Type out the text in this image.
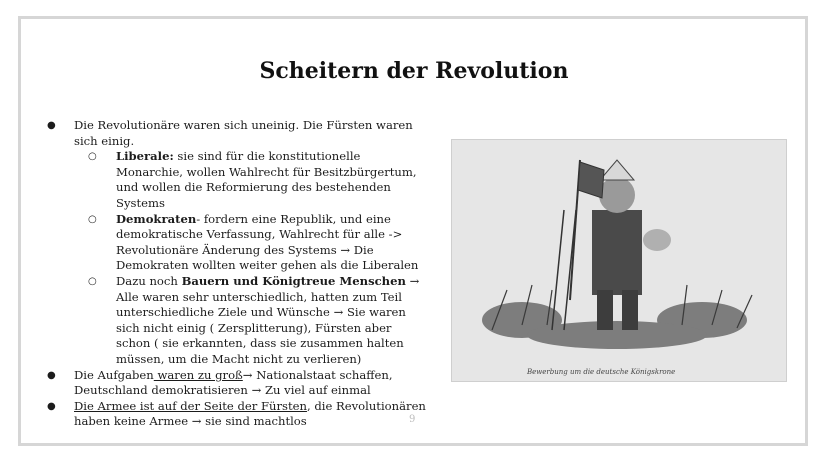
Scheitern der Revolution
● Die Revolutionäre waren sich uneinig. Die Fürsten waren sich einig.
○ Liberale: sie sind für die konstitutionelle Monarchie, wollen Wahlrecht für Besitzbürgertum, und wollen die Reformierung des bestehenden Systems
○ Demokraten- fordern eine Republik, und eine demokratische Verfassung, Wahlrecht für alle -> Revolutionäre Änderung des Systems → Die Demokraten wollten weiter gehen als die Liberalen
○ Dazu noch Bauern und Königtreue Menschen → Alle waren sehr unterschiedlich, hatten zum Teil unterschiedliche Ziele und Wünsche → Sie waren sich nicht einig ( Zersplitterung), Fürsten aber schon ( sie erkannten, dass sie zusammen halten müssen, um die Macht nicht zu verlieren)
● Die Aufgaben waren zu groß→ Nationalstaat schaffen, Deutschland demokratisieren → Zu viel auf einmal
● Die Armee ist auf der Seite der Fürsten, die Revolutionären haben keine Armee → sie sind machtlos
Bewerbung um die deutsche Königskrone
9
